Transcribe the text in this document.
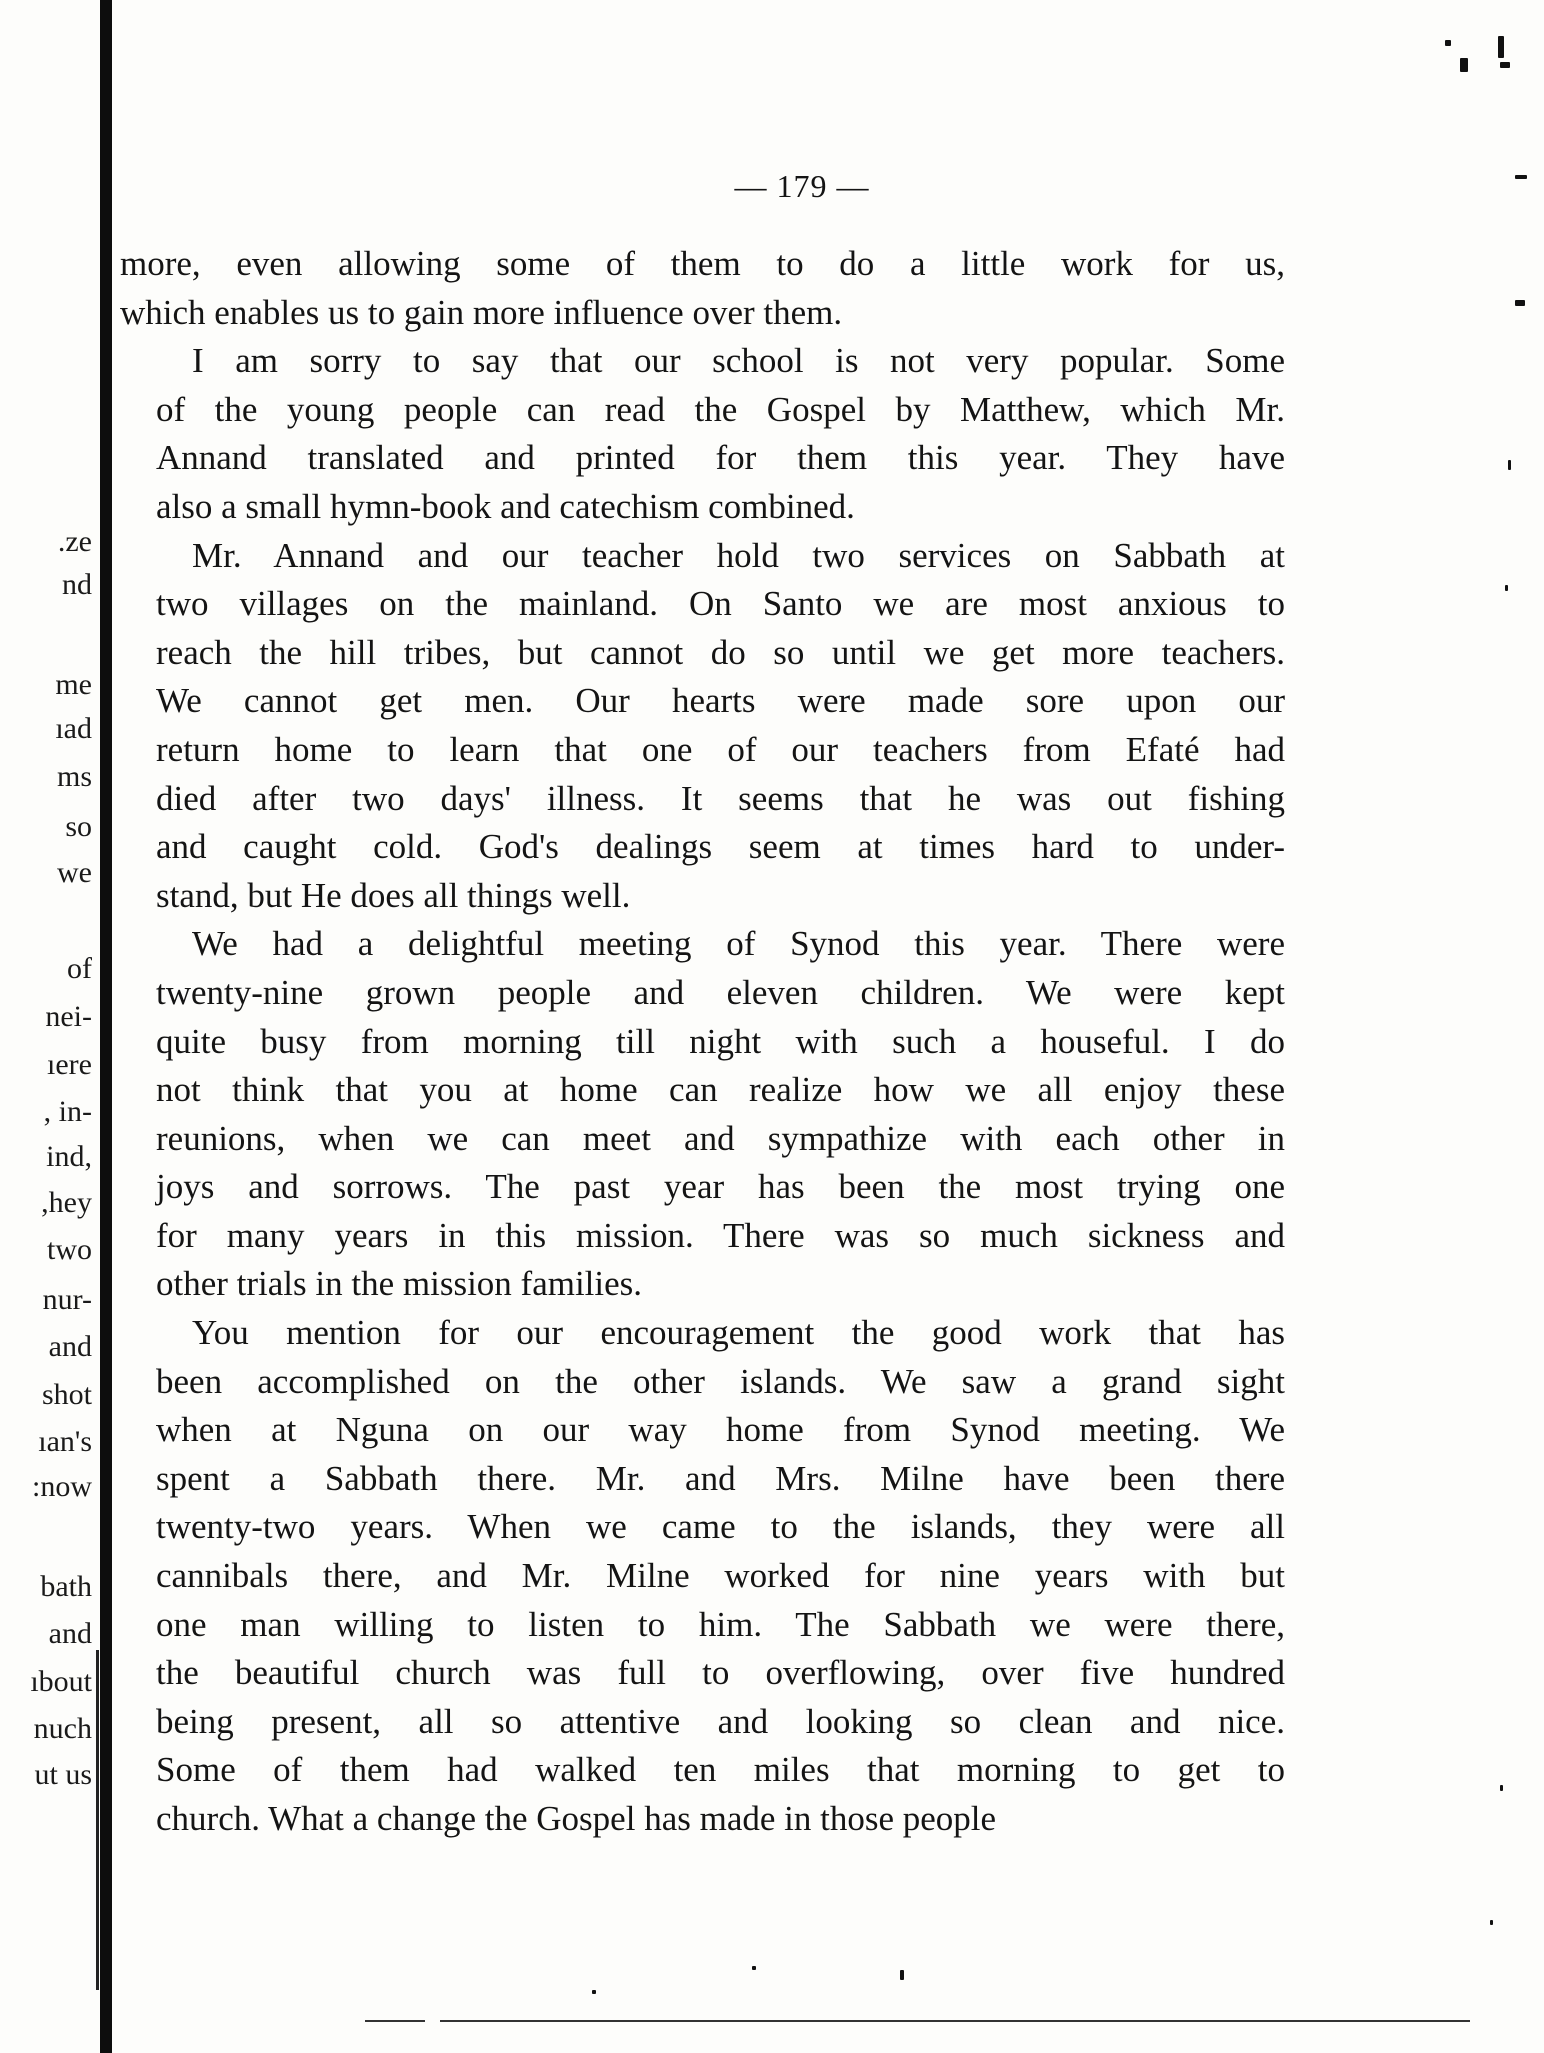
.ze
nd
me
ıad
ms
so
we
of
nei-
ıere
, in-
ind,
,hey
two
nur-
and
shot
ıan's
:now
bath
and
ıbout
nuch
ut us
— 179 —
more, even allowing some of them to do a little work for us,
which enables us to gain more influence over them.
I am sorry to say that our school is not very popular. Some
of the young people can read the Gospel by Matthew, which Mr.
Annand translated and printed for them this year. They have
also a small hymn-book and catechism combined.
Mr. Annand and our teacher hold two services on Sabbath at
two villages on the mainland. On Santo we are most anxious to
reach the hill tribes, but cannot do so until we get more teachers.
We cannot get men. Our hearts were made sore upon our
return home to learn that one of our teachers from Efaté had
died after two days' illness. It seems that he was out fishing
and caught cold. God's dealings seem at times hard to under-
stand, but He does all things well.
We had a delightful meeting of Synod this year. There were
twenty-nine grown people and eleven children. We were kept
quite busy from morning till night with such a houseful. I do
not think that you at home can realize how we all enjoy these
reunions, when we can meet and sympathize with each other in
joys and sorrows. The past year has been the most trying one
for many years in this mission. There was so much sickness and
other trials in the mission families.
You mention for our encouragement the good work that has
been accomplished on the other islands. We saw a grand sight
when at Nguna on our way home from Synod meeting. We
spent a Sabbath there. Mr. and Mrs. Milne have been there
twenty-two years. When we came to the islands, they were all
cannibals there, and Mr. Milne worked for nine years with but
one man willing to listen to him. The Sabbath we were there,
the beautiful church was full to overflowing, over five hundred
being present, all so attentive and looking so clean and nice.
Some of them had walked ten miles that morning to get to
church. What a change the Gospel has made in those people
